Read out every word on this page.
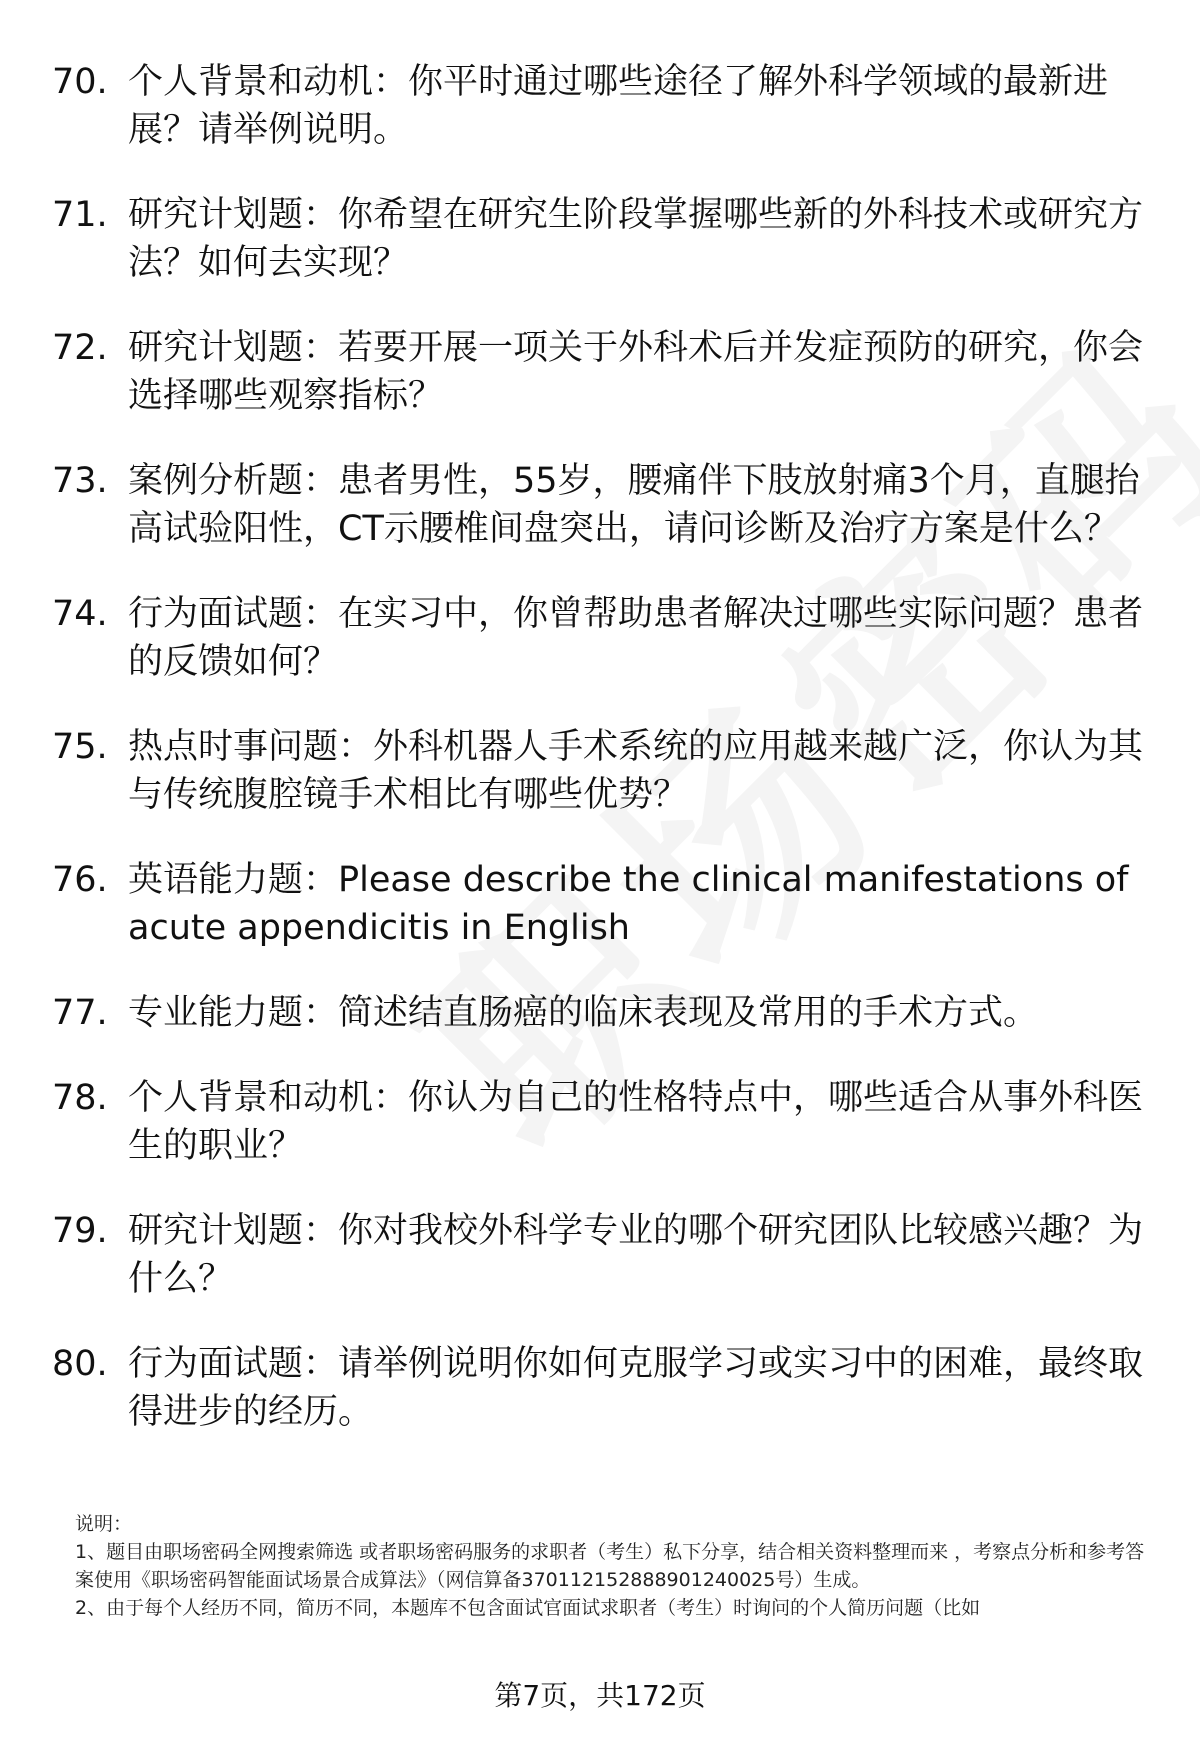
70. 个人背景和动机：你平时通过哪些途径了解外科学领域的最新进展？请举例说明。
71. 研究计划题：你希望在研究生阶段掌握哪些新的外科技术或研究方法？如何去实现？
72. 研究计划题：若要开展一项关于外科术后并发症预防的研究，你会选择哪些观察指标？
73. 案例分析题：患者男性，55岁，腰痛伴下肢放射痛3个月，直腿抬高试验阳性，CT示腰椎间盘突出，请问诊断及治疗方案是什么？
74. 行为面试题：在实习中，你曾帮助患者解决过哪些实际问题？患者的反馈如何？
75. 热点时事问题：外科机器人手术系统的应用越来越广泛，你认为其与传统腹腔镜手术相比有哪些优势？
76. 英语能力题：Please describe the clinical manifestations of acute appendicitis in English
77. 专业能力题：简述结直肠癌的临床表现及常用的手术方式。
78. 个人背景和动机：你认为自己的性格特点中，哪些适合从事外科医生的职业？
79. 研究计划题：你对我校外科学专业的哪个研究团队比较感兴趣？为什么？
80. 行为面试题：请举例说明你如何克服学习或实习中的困难，最终取得进步的经历。

说明：

1、题目由职场密码全网搜索筛选 或者职场密码服务的求职者（考生）私下分享，结合相关资料整理而来 ，考察点分析和参考答案使用《职场密码智能面试场景合成算法》（网信算备370112152888901240025号）生成。

2、由于每个人经历不同，简历不同，本题库不包含面试官面试求职者（考生）时询问的个人简历问题（比如

第7页，共172页
